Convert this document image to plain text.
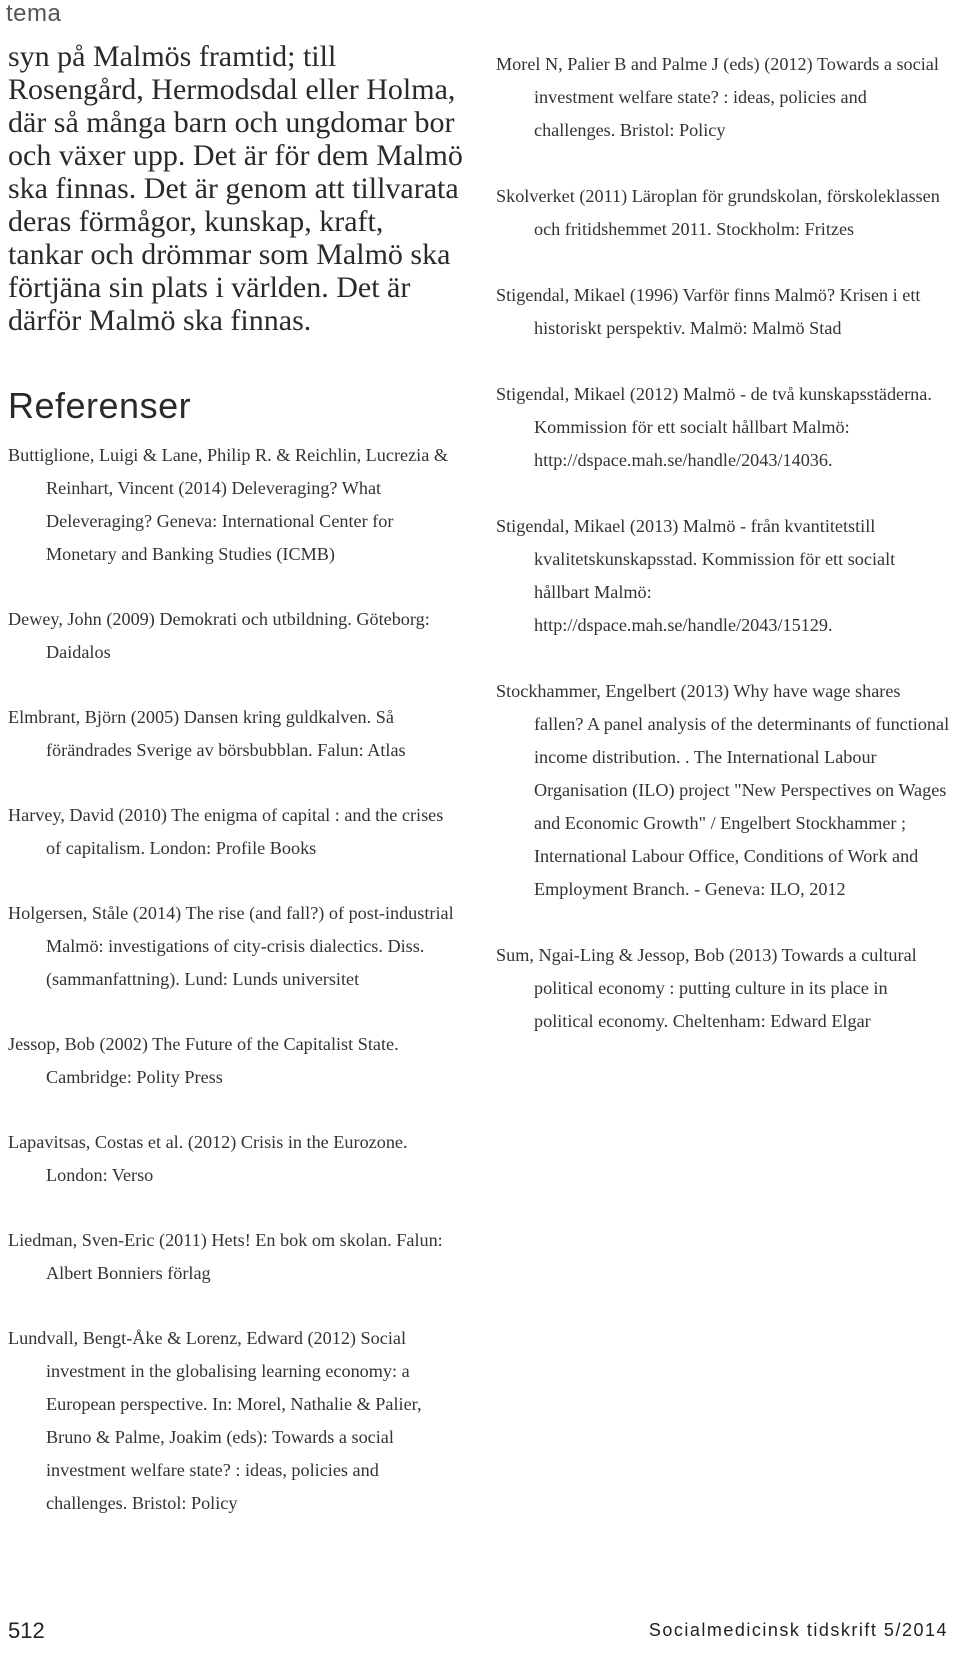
tema

syn på Malmös framtid; till Rosengård, Hermodsdal eller Holma, där så många barn och ungdomar bor och växer upp. Det är för dem Malmö ska finnas. Det är genom att tillvarata deras förmågor, kunskap, kraft, tankar och drömmar som Malmö ska förtjäna sin plats i världen. Det är därför Malmö ska finnas.

Referenser

Buttiglione, Luigi & Lane, Philip R. & Reichlin, Lucrezia & Reinhart, Vincent (2014) Deleveraging? What Deleveraging? Geneva: International Center for Monetary and Banking Studies (ICMB)

Dewey, John (2009) Demokrati och utbildning. Göteborg: Daidalos

Elmbrant, Björn (2005) Dansen kring guldkalven. Så förändrades Sverige av börsbubblan. Falun: Atlas

Harvey, David (2010) The enigma of capital : and the crises of capitalism. London: Profile Books

Holgersen, Ståle (2014) The rise (and fall?) of post-industrial Malmö: investigations of city-crisis dialectics. Diss. (sammanfattning). Lund: Lunds universitet

Jessop, Bob (2002) The Future of the Capitalist State. Cambridge: Polity Press

Lapavitsas, Costas et al. (2012) Crisis in the Eurozone. London: Verso

Liedman, Sven-Eric (2011) Hets! En bok om skolan. Falun: Albert Bonniers förlag

Lundvall, Bengt-Åke & Lorenz, Edward (2012) Social investment in the globalising learning economy: a European perspective. In: Morel, Nathalie & Palier, Bruno & Palme, Joakim (eds): Towards a social investment welfare state? : ideas, policies and challenges. Bristol: Policy

Morel N, Palier B and Palme J (eds) (2012) Towards a social investment welfare state? : ideas, policies and challenges. Bristol: Policy

Skolverket (2011) Läroplan för grundskolan, förskoleklassen och fritidshemmet 2011. Stockholm: Fritzes

Stigendal, Mikael (1996) Varför finns Malmö? Krisen i ett historiskt perspektiv. Malmö: Malmö Stad

Stigendal, Mikael (2012) Malmö - de två kunskapsstäderna. Kommission för ett socialt hållbart Malmö: http://dspace.mah.se/handle/2043/14036.

Stigendal, Mikael (2013) Malmö - från kvantitetstill kvalitetskunskapsstad. Kommission för ett socialt hållbart Malmö: http://dspace.mah.se/handle/2043/15129.

Stockhammer, Engelbert (2013) Why have wage shares fallen? A panel analysis of the determinants of functional income distribution. . The International Labour Organisation (ILO) project "New Perspectives on Wages and Economic Growth" / Engelbert Stockhammer ; International Labour Office, Conditions of Work and Employment Branch. - Geneva: ILO, 2012

Sum, Ngai-Ling & Jessop, Bob (2013) Towards a cultural political economy : putting culture in its place in political economy. Cheltenham: Edward Elgar

512	Socialmedicinsk tidskrift 5/2014
